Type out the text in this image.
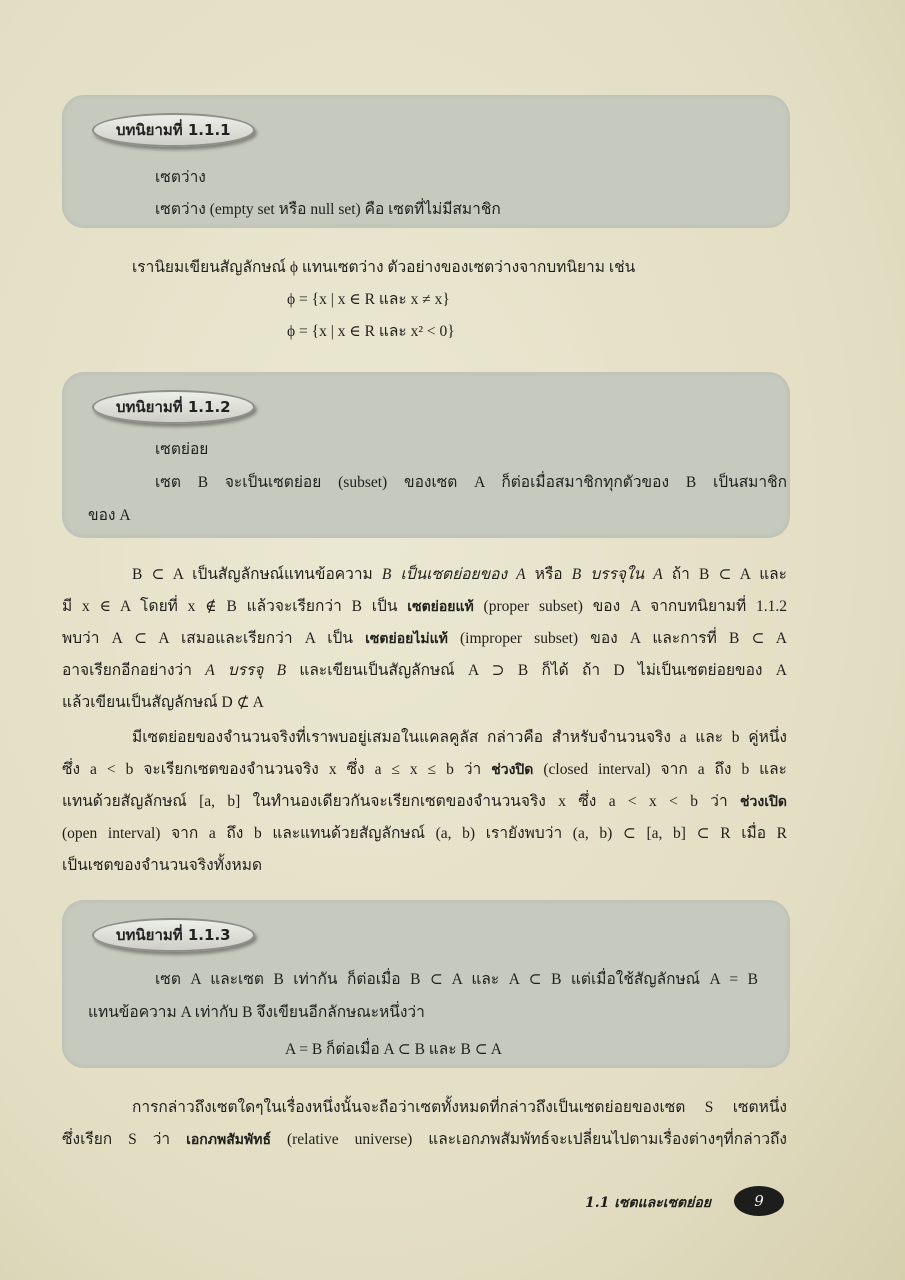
บทนิยามที่ 1.1.1
บทนิยามที่ 1.1.2
บทนิยามที่ 1.1.3
เซตว่าง
เซตว่าง (empty set หรือ null set) คือ เซตที่ไม่มีสมาชิก
เรานิยมเขียนสัญลักษณ์ ϕ แทนเซตว่าง ตัวอย่างของเซตว่างจากบทนิยาม เช่น
ϕ = {x | x ∈ R และ x ≠ x}
ϕ = {x | x ∈ R และ x² < 0}
เซตย่อย
เซต B จะเป็นเซตย่อย (subset) ของเซต A ก็ต่อเมื่อสมาชิกทุกตัวของ B เป็นสมาชิก
ของ A
B ⊂ A เป็นสัญลักษณ์แทนข้อความ B เป็นเซตย่อยของ A หรือ B บรรจุใน A ถ้า B ⊂ A และ
มี x ∈ A โดยที่ x ∉ B แล้วจะเรียกว่า B เป็น เซตย่อยแท้ (proper subset) ของ A จากบทนิยามที่ 1.1.2
พบว่า A ⊂ A เสมอและเรียกว่า A เป็น เซตย่อยไม่แท้ (improper subset) ของ A และการที่ B ⊂ A
อาจเรียกอีกอย่างว่า A บรรจุ B และเขียนเป็นสัญลักษณ์ A ⊃ B ก็ได้ ถ้า D ไม่เป็นเซตย่อยของ A
แล้วเขียนเป็นสัญลักษณ์ D ⊄ A
มีเซตย่อยของจำนวนจริงที่เราพบอยู่เสมอในแคลคูลัส กล่าวคือ สำหรับจำนวนจริง a และ b คู่หนึ่ง
ซึ่ง a < b จะเรียกเซตของจำนวนจริง x ซึ่ง a ≤ x ≤ b ว่า ช่วงปิด (closed interval) จาก a ถึง b และ
แทนด้วยสัญลักษณ์ [a, b] ในทำนองเดียวกันจะเรียกเซตของจำนวนจริง x ซึ่ง a < x < b ว่า ช่วงเปิด
(open interval) จาก a ถึง b และแทนด้วยสัญลักษณ์ (a, b) เรายังพบว่า (a, b) ⊂ [a, b] ⊂ R เมื่อ R
เป็นเซตของจำนวนจริงทั้งหมด
เซต A และเซต B เท่ากัน ก็ต่อเมื่อ B ⊂ A และ A ⊂ B แต่เมื่อใช้สัญลักษณ์ A = B
แทนข้อความ A เท่ากับ B จึงเขียนอีกลักษณะหนึ่งว่า
A = B ก็ต่อเมื่อ A ⊂ B และ B ⊂ A
การกล่าวถึงเซตใดๆในเรื่องหนึ่งนั้นจะถือว่าเซตทั้งหมดที่กล่าวถึงเป็นเซตย่อยของเซต S เซตหนึ่ง
ซึ่งเรียก S ว่า เอกภพสัมพัทธ์ (relative universe) และเอกภพสัมพัทธ์จะเปลี่ยนไปตามเรื่องต่างๆที่กล่าวถึง
1.1 เซตและเซตย่อย	9
